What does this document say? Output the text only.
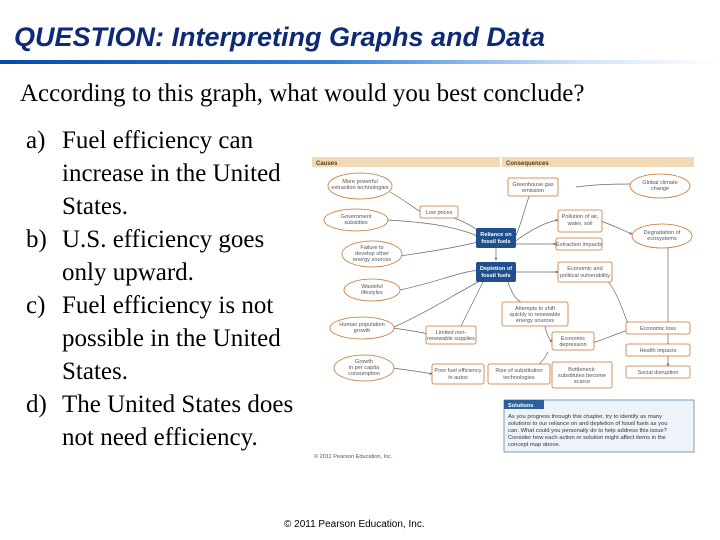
QUESTION: Interpreting Graphs and Data
According to this graph, what would you best conclude?
a) Fuel efficiency can increase in the United States.
b) U.S. efficiency goes only upward.
c) Fuel efficiency is not possible in the United States.
d) The United States does not need efficiency.
Causes	Consequences
More powerful extraction technologies
Government subsidies
Failure to develop other energy sources
Wasteful lifestyles
Human population growth
Growth in per capita consumption
Low prices
Limited non-renewable supplies
Poor fuel efficiency in autos
Reliance on fossil fuels
Depletion of fossil fuels
Greenhouse gas emission
Pollution of air, water, soil
Extraction impacts
Economic and political vulnerability
Attempts to shift quickly to renewable energy sources
Economic depression
Rise of substitution technologies
Bottleneck: substitutes become scarce
Global climate change
Degradation of ecosystems
Economic loss
Health impacts
Social disruption
Solutions
As you progress through this chapter, try to identify as many
solutions to our reliance on and depletion of fossil fuels as you
can. What could you personally do to help address this issue?
Consider how each action or solution might affect items in the
concept map above.
© 2011 Pearson Education, Inc.
© 2011 Pearson Education, Inc.
